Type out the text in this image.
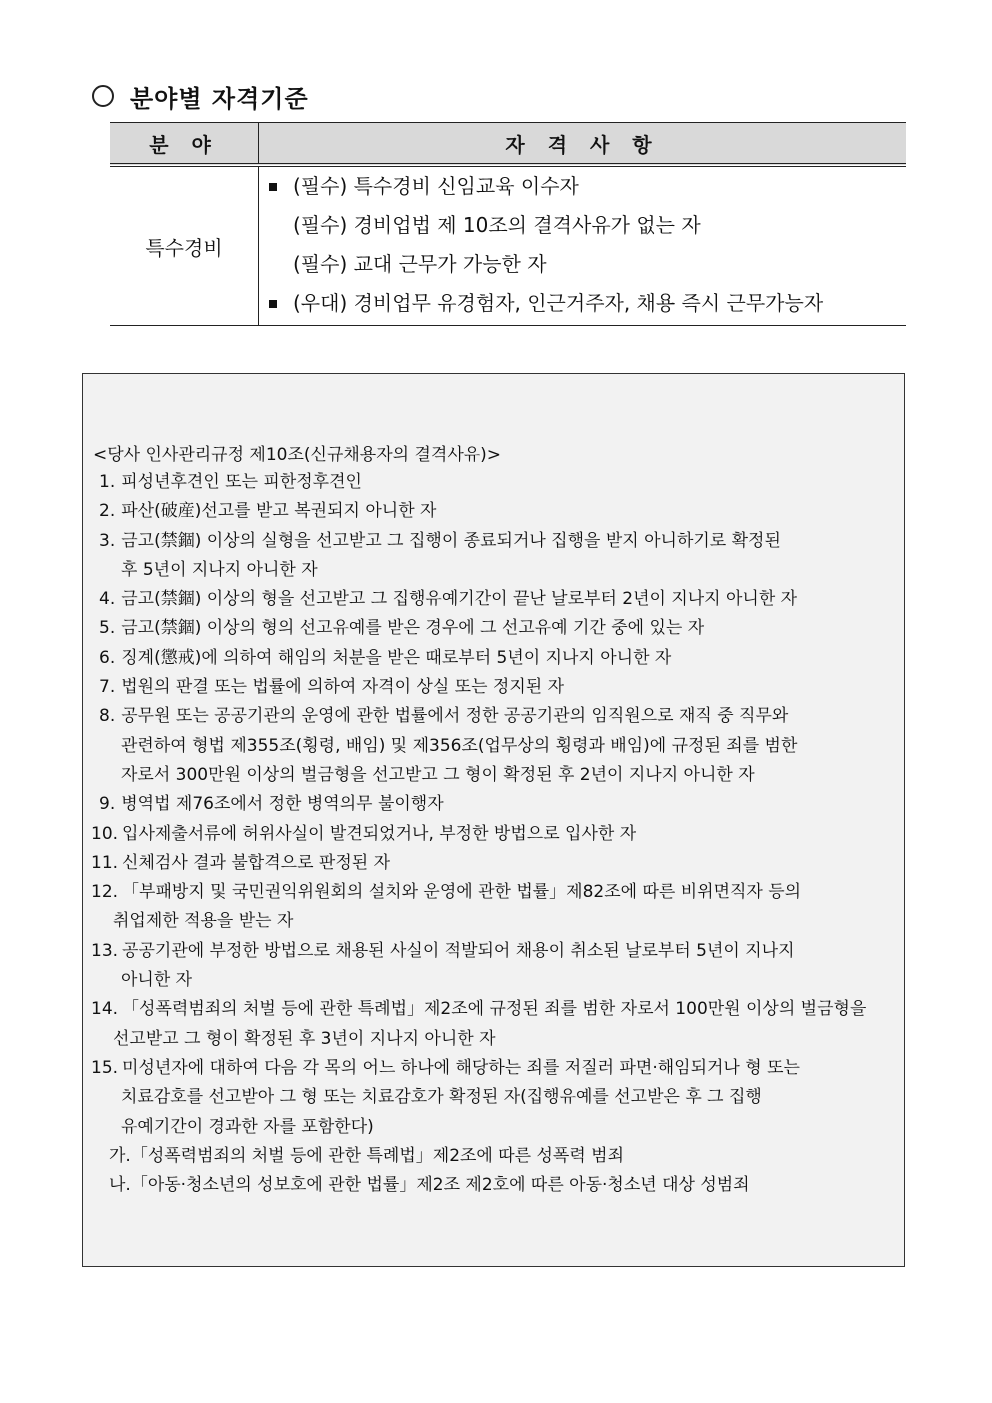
분야별 자격기준
분 야	자 격 사 항
특수경비	(필수) 특수경비 신임교육 이수자
(필수) 경비업법 제 10조의 결격사유가 없는 자
(필수) 교대 근무가 가능한 자
(우대) 경비업무 유경험자, 인근거주자, 채용 즉시 근무가능자
<당사 인사관리규정 제10조(신규채용자의 결격사유)>
1. 피성년후견인 또는 피한정후견인
2. 파산(破産)선고를 받고 복권되지 아니한 자
3. 금고(禁錮) 이상의 실형을 선고받고 그 집행이 종료되거나 집행을 받지 아니하기로 확정된
후 5년이 지나지 아니한 자
4. 금고(禁錮) 이상의 형을 선고받고 그 집행유예기간이 끝난 날로부터 2년이 지나지 아니한 자
5. 금고(禁錮) 이상의 형의 선고유예를 받은 경우에 그 선고유예 기간 중에 있는 자
6. 징계(懲戒)에 의하여 해임의 처분을 받은 때로부터 5년이 지나지 아니한 자
7. 법원의 판결 또는 법률에 의하여 자격이 상실 또는 정지된 자
8. 공무원 또는 공공기관의 운영에 관한 법률에서 정한 공공기관의 임직원으로 재직 중 직무와
관련하여 형법 제355조(횡령, 배임) 및 제356조(업무상의 횡령과 배임)에 규정된 죄를 범한
자로서 300만원 이상의 벌금형을 선고받고 그 형이 확정된 후 2년이 지나지 아니한 자
9. 병역법 제76조에서 정한 병역의무 불이행자
10. 입사제출서류에 허위사실이 발견되었거나, 부정한 방법으로 입사한 자
11. 신체검사 결과 불합격으로 판정된 자
12. 「부패방지 및 국민권익위원회의 설치와 운영에 관한 법률」제82조에 따른 비위면직자 등의
취업제한 적용을 받는 자
13. 공공기관에 부정한 방법으로 채용된 사실이 적발되어 채용이 취소된 날로부터 5년이 지나지
아니한 자
14. 「성폭력범죄의 처벌 등에 관한 특례법」제2조에 규정된 죄를 범한 자로서 100만원 이상의 벌금형을
선고받고 그 형이 확정된 후 3년이 지나지 아니한 자
15. 미성년자에 대하여 다음 각 목의 어느 하나에 해당하는 죄를 저질러 파면·해임되거나 형 또는
치료감호를 선고받아 그 형 또는 치료감호가 확정된 자(집행유예를 선고받은 후 그 집행
유예기간이 경과한 자를 포함한다)
가.「성폭력범죄의 처벌 등에 관한 특례법」제2조에 따른 성폭력 범죄
나.「아동·청소년의 성보호에 관한 법률」제2조 제2호에 따른 아동·청소년 대상 성범죄
